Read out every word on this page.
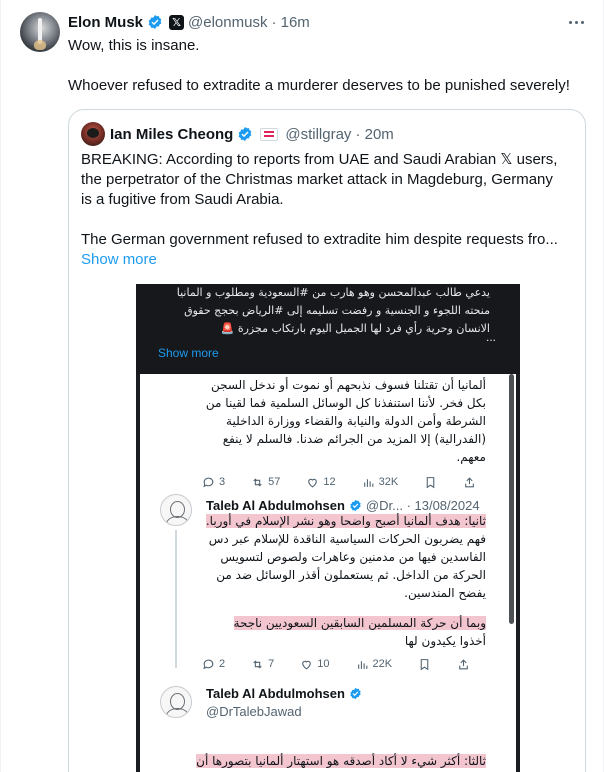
Elon Musk	𝕏 @elonmusk · 16m

Wow, this is insane.

Whoever refused to extradite a murderer deserves to be punished severely!

Ian Miles Cheong	@stillgray · 20m

BREAKING: According to reports from UAE and Saudi Arabian 𝕏 users,

the perpetrator of the Christmas market attack in Magdeburg, Germany

is a fugitive from Saudi Arabia.

The German government refused to extradite him despite requests fro...

Show more

يدعي طالب عبدالمحسن وهو هارب من #السعودية ومطلوب و المانيا

منحته اللجوء و الجنسية و رفضت تسليمه إلى #الرياض بحجج حقوق

الانسان وحرية رأي فرد لها الجميل اليوم بارتكاب مجزرة 🚨

...
Show more

ألمانيا أن تقتلنا فسوف نذبحهم أو نموت أو ندخل السجن

بكل فخر. لأننا استنفذنا كل الوسائل السلمية فما لقينا من

الشرطة وأمن الدولة والنيابة والقضاء ووزارة الداخلية

(الفدرالية) إلا المزيد من الجرائم ضدنا. فالسلم لا ينفع

معهم.

3	57	12	32K
Taleb Al Abdulmohsen @Dr... · 13/08/2024

ثانيا: هدف ألمانيا أصبح واضحا وهو نشر الإسلام في أوربا.

فهم يضربون الحركات السياسية الناقدة للإسلام عبر دس

الفاسدين فيها من مدمنين وعاهرات ولصوص لتسويس

الحركة من الداخل. ثم يستعملون أقذر الوسائل ضد من

يفضح المندسين.

وبما أن حركة المسلمين السابقين السعوديين ناجحة

أخذوا يكيدون لها

2	7	10	22K
Taleb Al Abdulmohsen

@DrTalebJawad

ثالثا: أكثر شيء لا أكاد أصدقه هو استهتار ألمانيا بتصورها أن
